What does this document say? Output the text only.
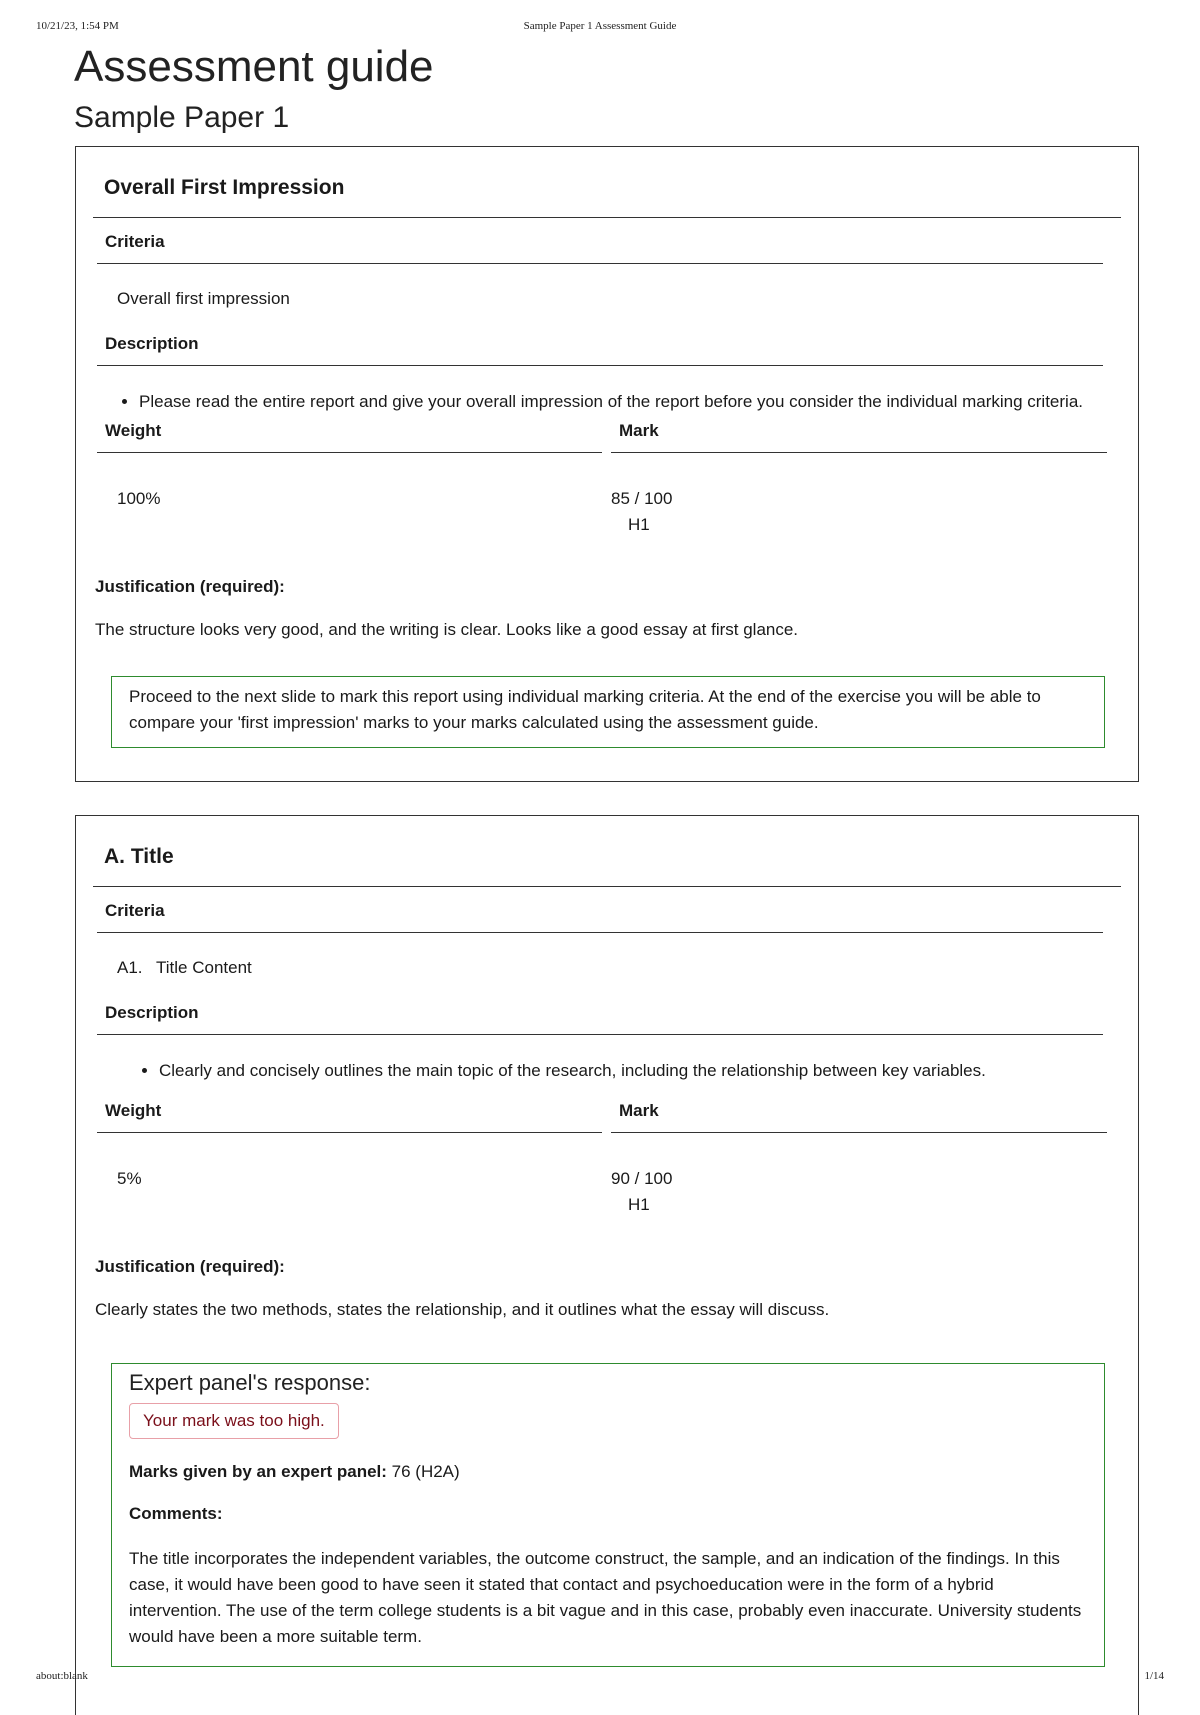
10/21/23, 1:54 PM	Sample Paper 1 Assessment Guide
Assessment guide
Sample Paper 1
Overall First Impression
Criteria
Overall first impression
Description
• Please read the entire report and give your overall impression of the report before you consider the individual marking criteria.
Weight	Mark
100%	85 / 100
H1
Justification (required):
The structure looks very good, and the writing is clear. Looks like a good essay at first glance.
Proceed to the next slide to mark this report using individual marking criteria. At the end of the exercise you will be able to compare your 'first impression' marks to your marks calculated using the assessment guide.
A. Title
Criteria
A1. Title Content
Description
• Clearly and concisely outlines the main topic of the research, including the relationship between key variables.
Weight	Mark
5%	90 / 100
H1
Justification (required):
Clearly states the two methods, states the relationship, and it outlines what the essay will discuss.
Expert panel's response:
Your mark was too high.
Marks given by an expert panel: 76 (H2A)
Comments:
The title incorporates the independent variables, the outcome construct, the sample, and an indication of the findings. In this case, it would have been good to have seen it stated that contact and psychoeducation were in the form of a hybrid intervention. The use of the term college students is a bit vague and in this case, probably even inaccurate. University students would have been a more suitable term.
about:blank	1/14
